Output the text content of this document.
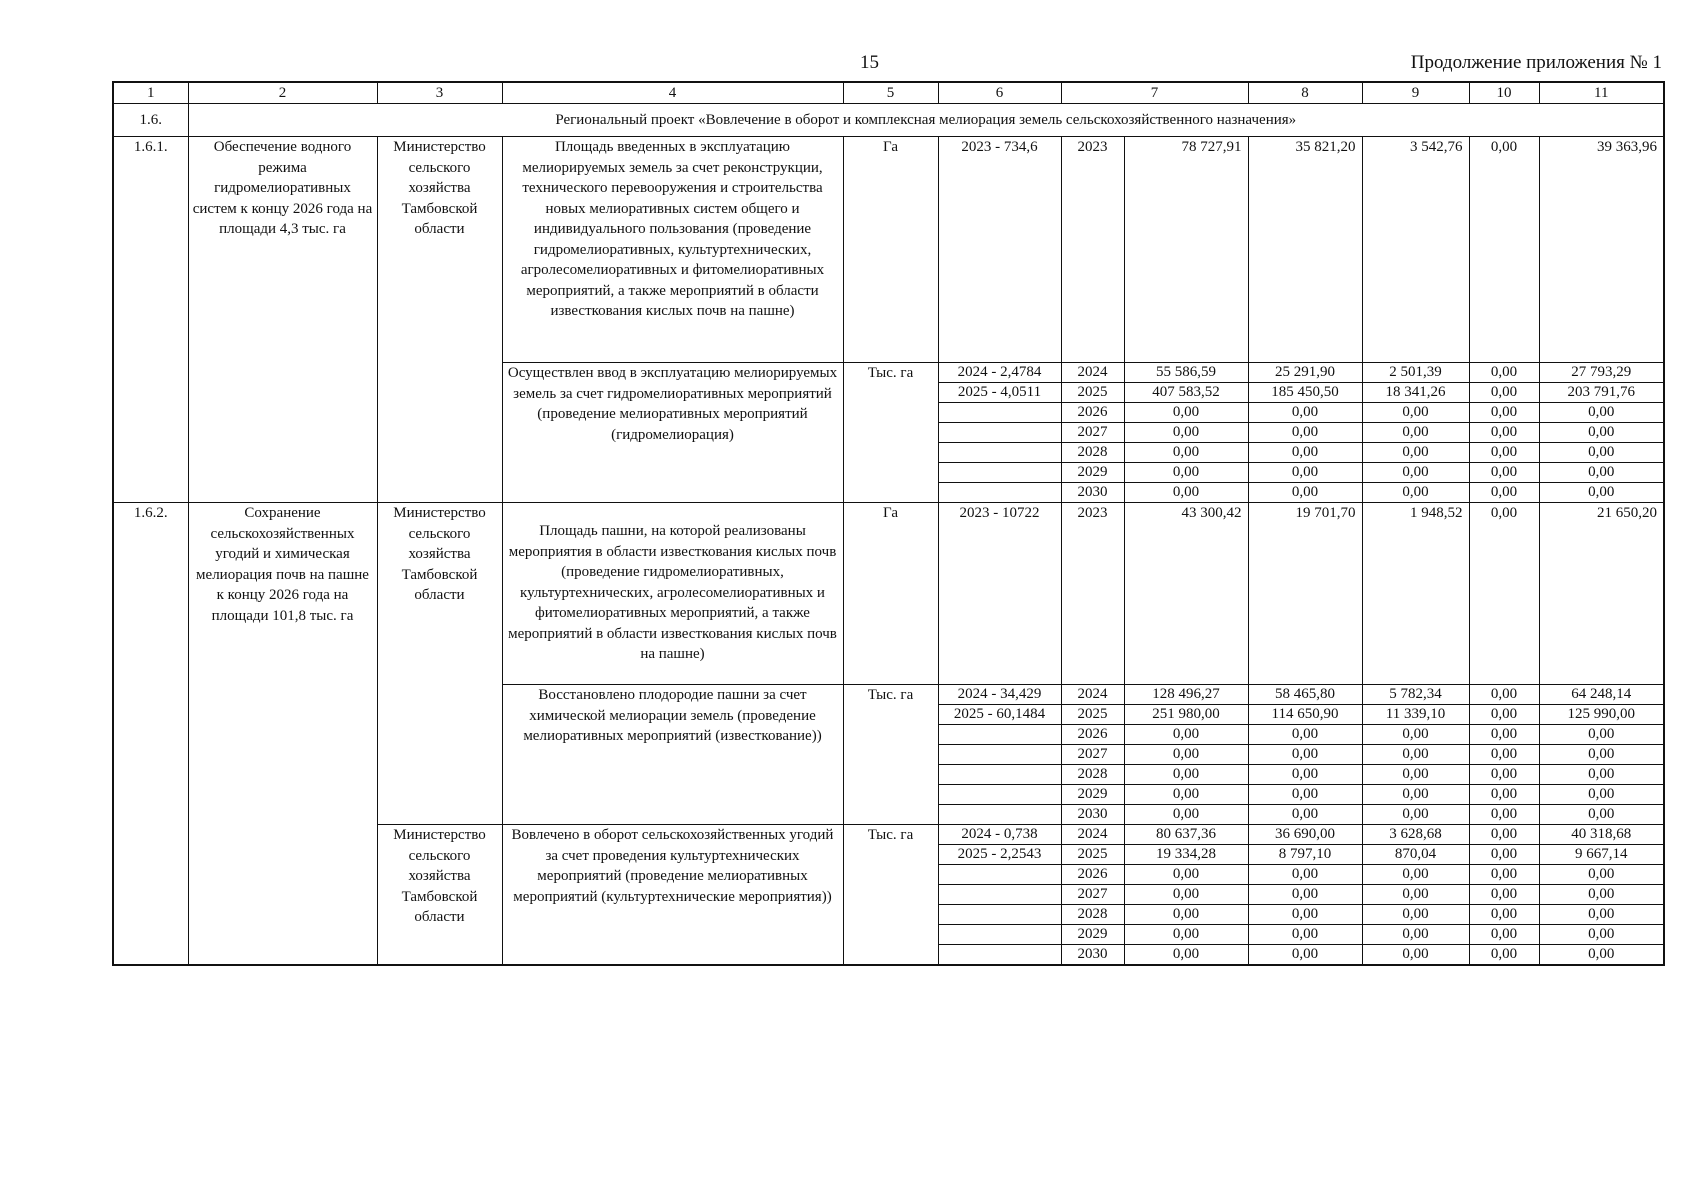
15	Продолжение приложения № 1
1	2	3	4	5	6	7		8	9	10	11
1.6.	Региональный проект «Вовлечение в оборот и комплексная мелиорация земель сельскохозяйственного назначения»										
1.6.1.	Обеспечение водного режима гидромелиоративных систем к концу 2026 года на площади 4,3 тыс. га	Министерство сельского хозяйства Тамбовской области	Площадь введенных в эксплуатацию мелиорируемых земель за счет реконструкции, технического перевооружения и строительства новых мелиоративных систем общего и индивидуального пользования (проведение гидромелиоративных, культуртехнических, агролесомелиоративных и фитомелиоративных мероприятий, а также мероприятий в области известкования кислых почв на пашне)	Га	2023 - 734,6	2023	78 727,91	35 821,20	3 542,76	0,00	39 363,96
			Осуществлен ввод в эксплуатацию мелиорируемых земель за счет гидромелиоративных мероприятий (проведение мелиоративных мероприятий (гидромелиорация)	Тыс. га	2024 - 2,4784	2024	55 586,59	25 291,90	2 501,39	0,00	27 793,29
					2025 - 4,0511	2025	407 583,52	185 450,50	18 341,26	0,00	203 791,76
						2026	0,00	0,00	0,00	0,00	0,00
						2027	0,00	0,00	0,00	0,00	0,00
						2028	0,00	0,00	0,00	0,00	0,00
						2029	0,00	0,00	0,00	0,00	0,00
						2030	0,00	0,00	0,00	0,00	0,00
1.6.2.	Сохранение сельскохозяйственных угодий и химическая мелиорация почв на пашне к концу 2026 года на площади 101,8 тыс. га	Министерство сельского хозяйства Тамбовской области	Площадь пашни, на которой реализованы мероприятия в области известкования кислых почв (проведение гидромелиоративных, культуртехнических, агролесомелиоративных и фитомелиоративных мероприятий, а также мероприятий в области известкования кислых почв на пашне)	Га	2023 - 10722	2023	43 300,42	19 701,70	1 948,52	0,00	21 650,20
			Восстановлено плодородие пашни за счет химической мелиорации земель (проведение мелиоративных мероприятий (известкование))	Тыс. га	2024 - 34,429	2024	128 496,27	58 465,80	5 782,34	0,00	64 248,14
					2025 - 60,1484	2025	251 980,00	114 650,90	11 339,10	0,00	125 990,00
						2026	0,00	0,00	0,00	0,00	0,00
						2027	0,00	0,00	0,00	0,00	0,00
						2028	0,00	0,00	0,00	0,00	0,00
						2029	0,00	0,00	0,00	0,00	0,00
						2030	0,00	0,00	0,00	0,00	0,00
		Министерство сельского хозяйства Тамбовской области	Вовлечено в оборот сельскохозяйственных угодий за счет проведения культуртехнических мероприятий (проведение мелиоративных мероприятий (культуртехнические мероприятия))	Тыс. га	2024 - 0,738	2024	80 637,36	36 690,00	3 628,68	0,00	40 318,68
					2025 - 2,2543	2025	19 334,28	8 797,10	870,04	0,00	9 667,14
						2026	0,00	0,00	0,00	0,00	0,00
						2027	0,00	0,00	0,00	0,00	0,00
						2028	0,00	0,00	0,00	0,00	0,00
						2029	0,00	0,00	0,00	0,00	0,00
						2030	0,00	0,00	0,00	0,00	0,00
